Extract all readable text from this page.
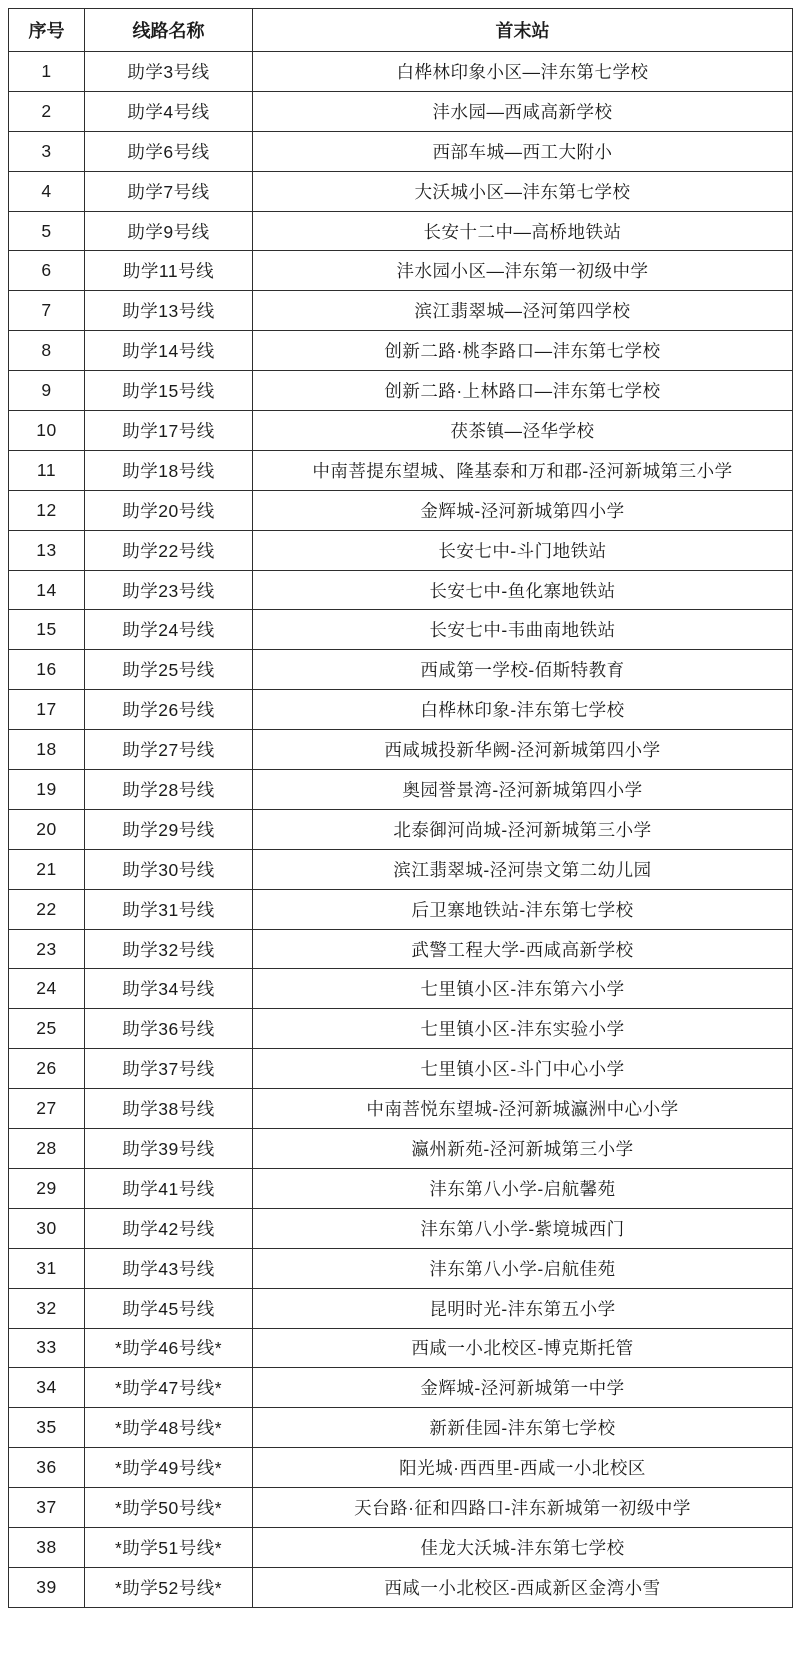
序号	线路名称	首末站
1	助学3号线	白桦林印象小区—沣东第七学校
2	助学4号线	沣水园—西咸高新学校
3	助学6号线	西部车城—西工大附小
4	助学7号线	大沃城小区—沣东第七学校
5	助学9号线	长安十二中—高桥地铁站
6	助学11号线	沣水园小区—沣东第一初级中学
7	助学13号线	滨江翡翠城—泾河第四学校
8	助学14号线	创新二路·桃李路口—沣东第七学校
9	助学15号线	创新二路·上林路口—沣东第七学校
10	助学17号线	茯茶镇—泾华学校
11	助学18号线	中南菩提东望城、隆基泰和万和郡-泾河新城第三小学
12	助学20号线	金辉城-泾河新城第四小学
13	助学22号线	长安七中-斗门地铁站
14	助学23号线	长安七中-鱼化寨地铁站
15	助学24号线	长安七中-韦曲南地铁站
16	助学25号线	西咸第一学校-佰斯特教育
17	助学26号线	白桦林印象-沣东第七学校
18	助学27号线	西咸城投新华阙-泾河新城第四小学
19	助学28号线	奥园誉景湾-泾河新城第四小学
20	助学29号线	北泰御河尚城-泾河新城第三小学
21	助学30号线	滨江翡翠城-泾河崇文第二幼儿园
22	助学31号线	后卫寨地铁站-沣东第七学校
23	助学32号线	武警工程大学-西咸高新学校
24	助学34号线	七里镇小区-沣东第六小学
25	助学36号线	七里镇小区-沣东实验小学
26	助学37号线	七里镇小区-斗门中心小学
27	助学38号线	中南菩悦东望城-泾河新城瀛洲中心小学
28	助学39号线	瀛州新苑-泾河新城第三小学
29	助学41号线	沣东第八小学-启航馨苑
30	助学42号线	沣东第八小学-紫境城西门
31	助学43号线	沣东第八小学-启航佳苑
32	助学45号线	昆明时光-沣东第五小学
33	*助学46号线*	西咸一小北校区-博克斯托管
34	*助学47号线*	金辉城-泾河新城第一中学
35	*助学48号线*	新新佳园-沣东第七学校
36	*助学49号线*	阳光城·西西里-西咸一小北校区
37	*助学50号线*	天台路·征和四路口-沣东新城第一初级中学
38	*助学51号线*	佳龙大沃城-沣东第七学校
39	*助学52号线*	西咸一小北校区-西咸新区金湾小雪
